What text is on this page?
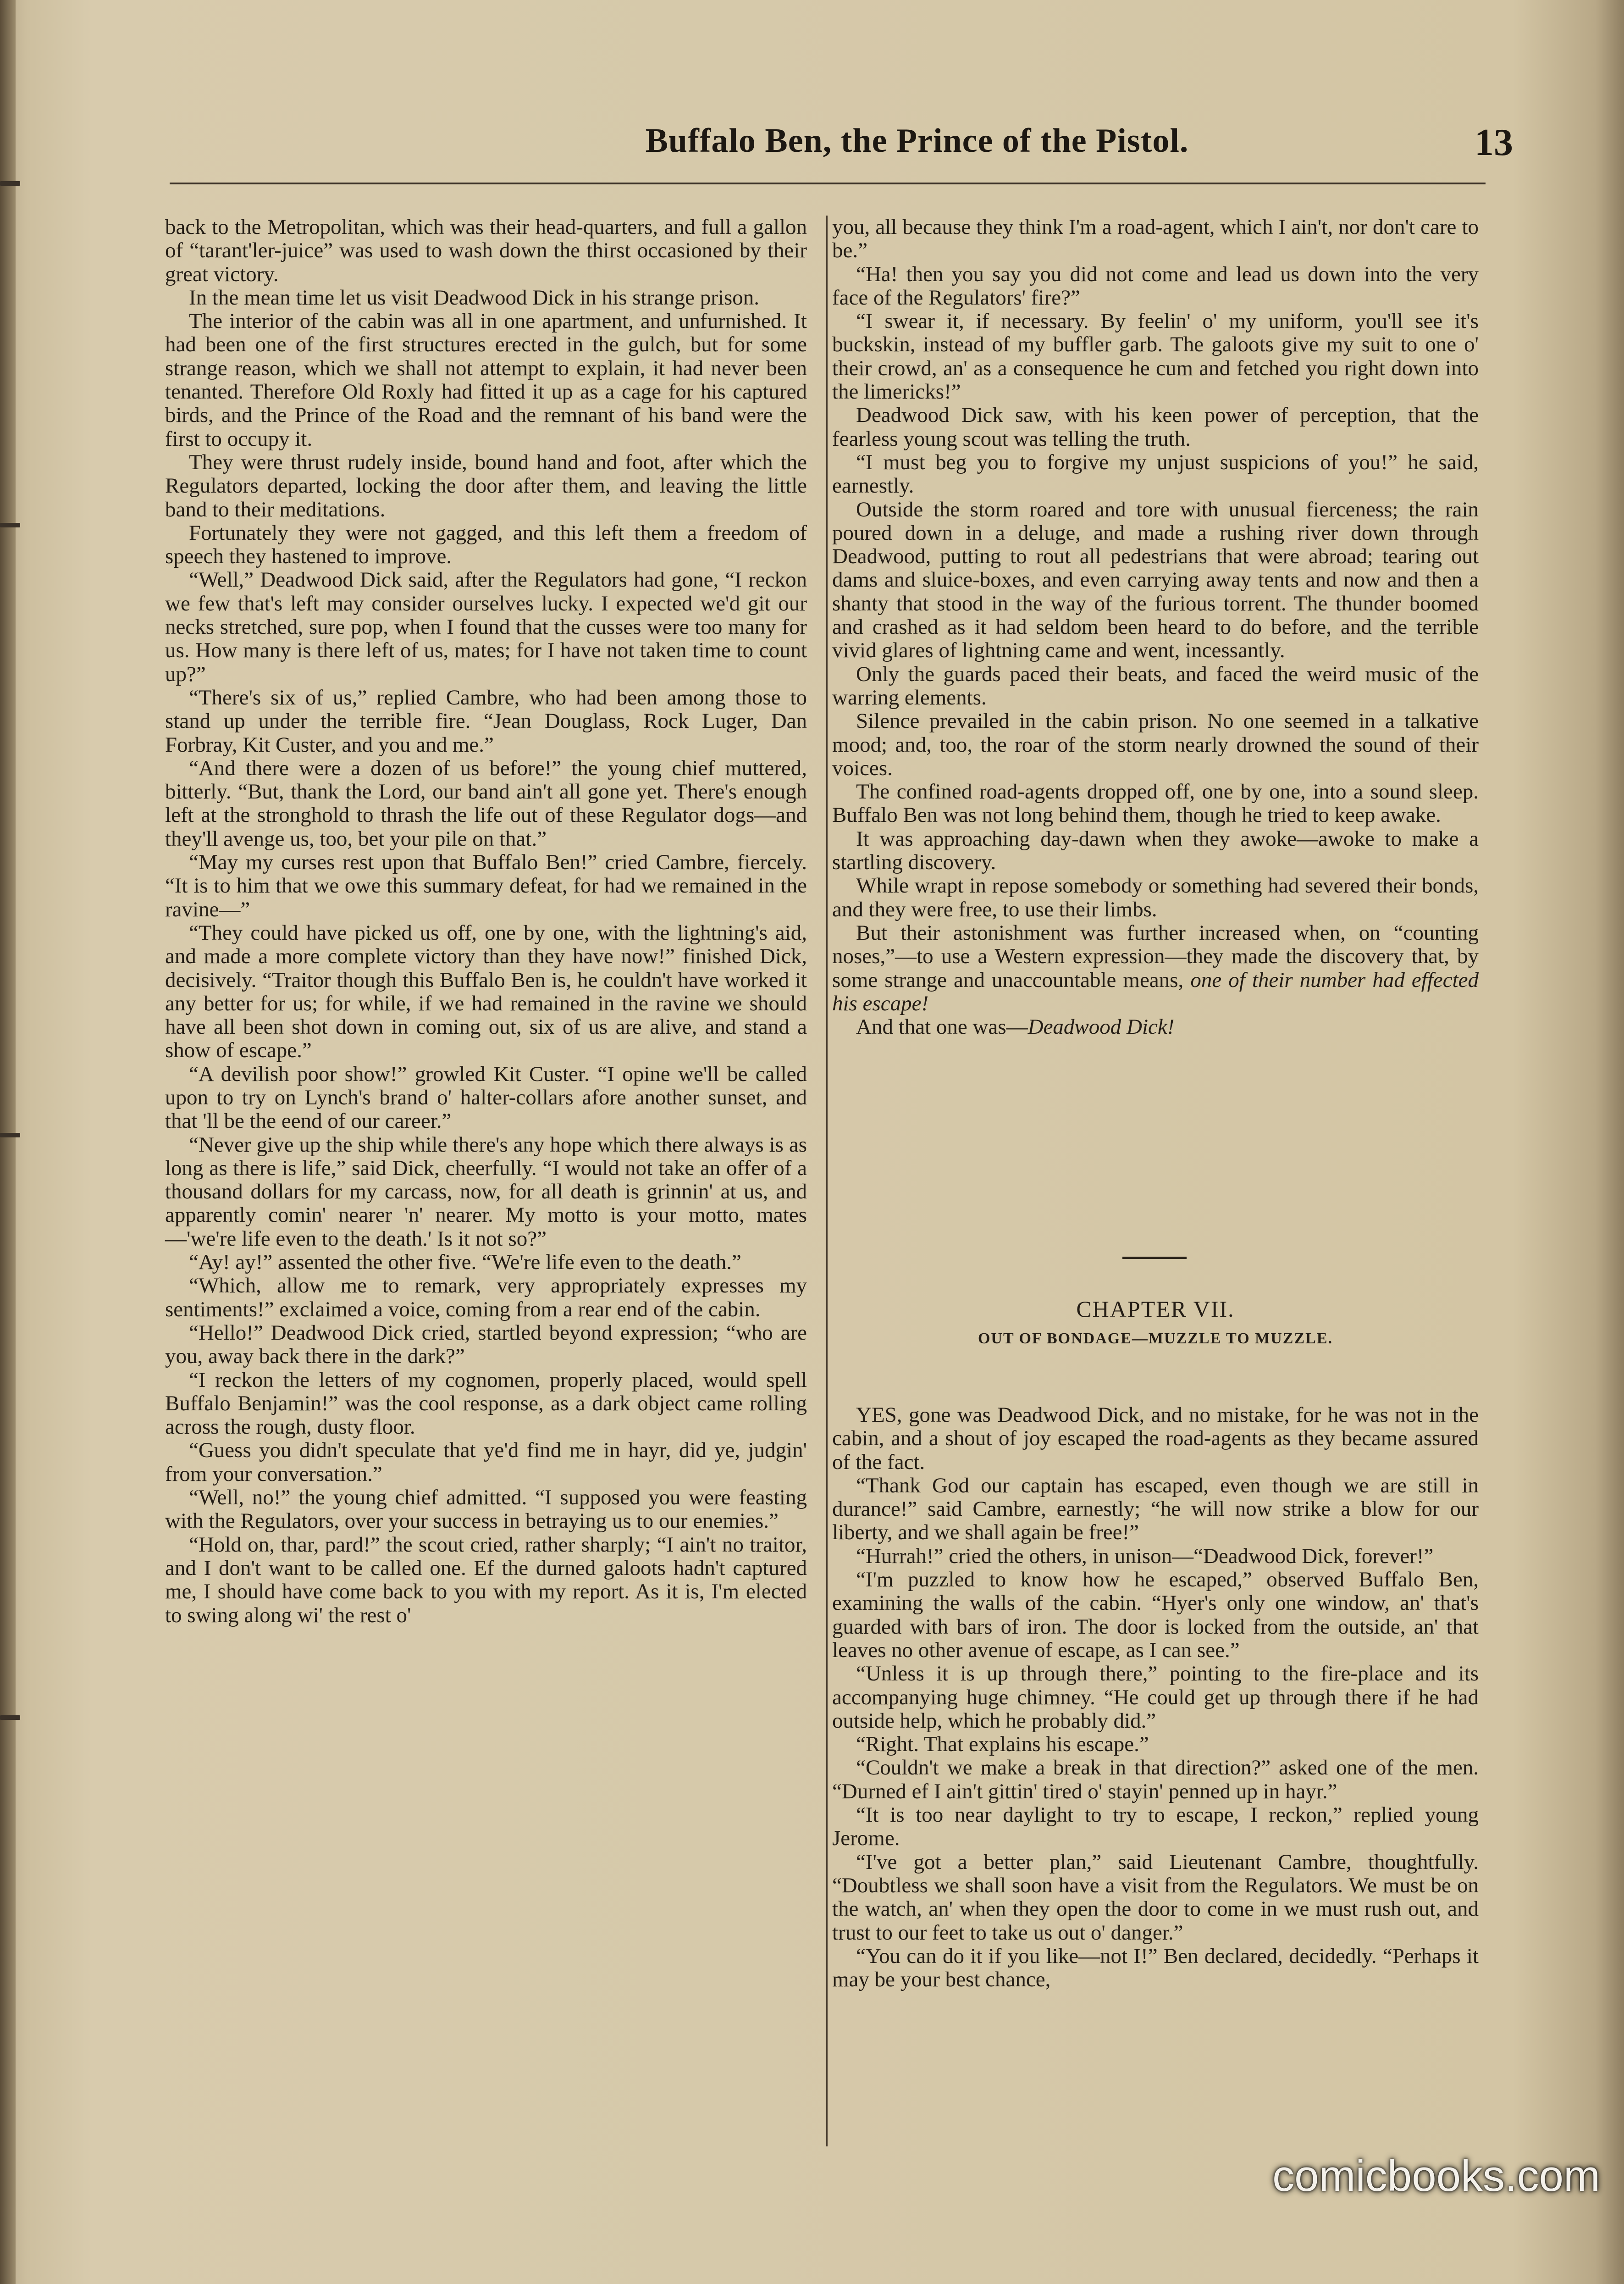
Buffalo Ben, the Prince of the Pistol.	13

back to the Metropolitan, which was their head-quarters, and full a gallon of “tarant'ler-juice” was used to wash down the thirst occasioned by their great victory.

In the mean time let us visit Deadwood Dick in his strange prison.

The interior of the cabin was all in one apartment, and unfurnished. It had been one of the first structures erected in the gulch, but for some strange reason, which we shall not attempt to explain, it had never been tenanted. Therefore Old Roxly had fitted it up as a cage for his captured birds, and the Prince of the Road and the remnant of his band were the first to occupy it.

They were thrust rudely inside, bound hand and foot, after which the Regulators departed, locking the door after them, and leaving the little band to their meditations.

Fortunately they were not gagged, and this left them a freedom of speech they hastened to improve.

“Well,” Deadwood Dick said, after the Regulators had gone, “I reckon we few that's left may consider ourselves lucky. I expected we'd git our necks stretched, sure pop, when I found that the cusses were too many for us. How many is there left of us, mates; for I have not taken time to count up?”

“There's six of us,” replied Cambre, who had been among those to stand up under the terrible fire. “Jean Douglass, Rock Luger, Dan Forbray, Kit Custer, and you and me.”

“And there were a dozen of us before!” the young chief muttered, bitterly. “But, thank the Lord, our band ain't all gone yet. There's enough left at the stronghold to thrash the life out of these Regulator dogs—and they'll avenge us, too, bet your pile on that.”

“May my curses rest upon that Buffalo Ben!” cried Cambre, fiercely. “It is to him that we owe this summary defeat, for had we remained in the ravine—”

“They could have picked us off, one by one, with the lightning's aid, and made a more complete victory than they have now!” finished Dick, decisively. “Traitor though this Buffalo Ben is, he couldn't have worked it any better for us; for while, if we had remained in the ravine we should have all been shot down in coming out, six of us are alive, and stand a show of escape.”

“A devilish poor show!” growled Kit Custer. “I opine we'll be called upon to try on Lynch's brand o' halter-collars afore another sunset, and that 'll be the eend of our career.”

“Never give up the ship while there's any hope which there always is as long as there is life,” said Dick, cheerfully. “I would not take an offer of a thousand dollars for my carcass, now, for all death is grinnin' at us, and apparently comin' nearer 'n' nearer. My motto is your motto, mates—'we're life even to the death.' Is it not so?”

“Ay! ay!” assented the other five. “We're life even to the death.”

“Which, allow me to remark, very appropriately expresses my sentiments!” exclaimed a voice, coming from a rear end of the cabin.

“Hello!” Deadwood Dick cried, startled beyond expression; “who are you, away back there in the dark?”

“I reckon the letters of my cognomen, properly placed, would spell Buffalo Benjamin!” was the cool response, as a dark object came rolling across the rough, dusty floor.

“Guess you didn't speculate that ye'd find me in hayr, did ye, judgin' from your conversation.”

“Well, no!” the young chief admitted. “I supposed you were feasting with the Regulators, over your success in betraying us to our enemies.”

“Hold on, thar, pard!” the scout cried, rather sharply; “I ain't no traitor, and I don't want to be called one. Ef the durned galoots hadn't captured me, I should have come back to you with my report. As it is, I'm elected to swing along wi' the rest o'

you, all because they think I'm a road-agent, which I ain't, nor don't care to be.”

“Ha! then you say you did not come and lead us down into the very face of the Regulators' fire?”

“I swear it, if necessary. By feelin' o' my uniform, you'll see it's buckskin, instead of my buffler garb. The galoots give my suit to one o' their crowd, an' as a consequence he cum and fetched you right down into the limericks!”

Deadwood Dick saw, with his keen power of perception, that the fearless young scout was telling the truth.

“I must beg you to forgive my unjust suspicions of you!” he said, earnestly.

Outside the storm roared and tore with unusual fierceness; the rain poured down in a deluge, and made a rushing river down through Deadwood, putting to rout all pedestrians that were abroad; tearing out dams and sluice-boxes, and even carrying away tents and now and then a shanty that stood in the way of the furious torrent. The thunder boomed and crashed as it had seldom been heard to do before, and the terrible vivid glares of lightning came and went, incessantly.

Only the guards paced their beats, and faced the weird music of the warring elements.

Silence prevailed in the cabin prison. No one seemed in a talkative mood; and, too, the roar of the storm nearly drowned the sound of their voices.

The confined road-agents dropped off, one by one, into a sound sleep. Buffalo Ben was not long behind them, though he tried to keep awake.

It was approaching day-dawn when they awoke—awoke to make a startling discovery.

While wrapt in repose somebody or something had severed their bonds, and they were free, to use their limbs.

But their astonishment was further increased when, on “counting noses,”—to use a Western expression—they made the discovery that, by some strange and unaccountable means, one of their number had effected his escape!

And that one was—Deadwood Dick!

CHAPTER VII.
OUT OF BONDAGE—MUZZLE TO MUZZLE.

YES, gone was Deadwood Dick, and no mistake, for he was not in the cabin, and a shout of joy escaped the road-agents as they became assured of the fact.

“Thank God our captain has escaped, even though we are still in durance!” said Cambre, earnestly; “he will now strike a blow for our liberty, and we shall again be free!”

“Hurrah!” cried the others, in unison—“Deadwood Dick, forever!”

“I'm puzzled to know how he escaped,” observed Buffalo Ben, examining the walls of the cabin. “Hyer's only one window, an' that's guarded with bars of iron. The door is locked from the outside, an' that leaves no other avenue of escape, as I can see.”

“Unless it is up through there,” pointing to the fire-place and its accompanying huge chimney. “He could get up through there if he had outside help, which he probably did.”

“Right. That explains his escape.”

“Couldn't we make a break in that direction?” asked one of the men. “Durned ef I ain't gittin' tired o' stayin' penned up in hayr.”

“It is too near daylight to try to escape, I reckon,” replied young Jerome.

“I've got a better plan,” said Lieutenant Cambre, thoughtfully. “Doubtless we shall soon have a visit from the Regulators. We must be on the watch, an' when they open the door to come in we must rush out, and trust to our feet to take us out o' danger.”

“You can do it if you like—not I!” Ben declared, decidedly. “Perhaps it may be your best chance,

comicbooks.com
